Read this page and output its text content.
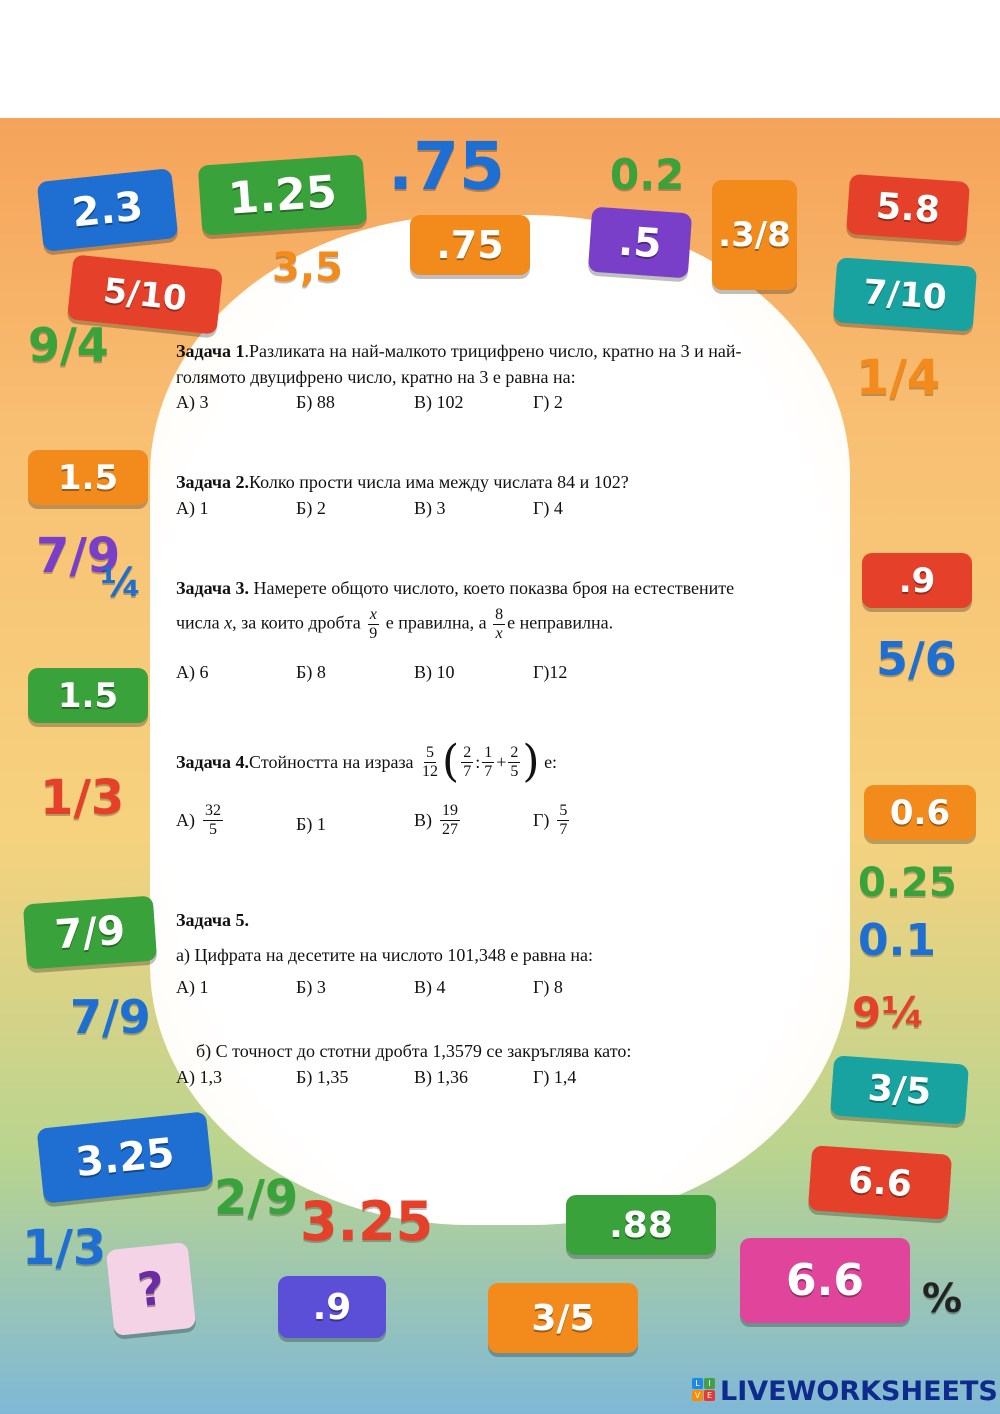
2.3	1.25
.75	.5	.3/8
5.8
5/10	7/10
1.5
1.5
.9
0.6
7/9
3/5
3.25	6.6
.88
6.6
.9	3/5
?
.75	0.2
3,5
9/4
1/4
7/9
¼
5/6
1/3
0.25
0.1
9¼
7/9
2/9 3.25
1/3
%
Задача 1.Разликата на най-малкото трицифрено число, кратно на 3 и най-
голямото двуцифрено число, кратно на 3 е равна на:
А) 3	Б) 88	В) 102	Г) 2
Задача 2.Колко прости числа има между числата 84 и 102?
А) 1	Б) 2	В) 3	Г) 4
Задача 3. Намерете общото числото, което показва броя на естествените
числа x, за които дробта $\frac{x}{9}$ е правилна, а $\frac{8}{x}$ е неправилна.
А) 6	Б) 8	В) 10	Г)12
Задача 4. Стойността на израза $\frac{5}{12}$ ( $\frac{2}{7}$ : $\frac{1}{7} + \frac{2}{5}$ ) е:
$А) \frac{32}{5}$	Б) 1	$В) \frac{19}{27}$	$Г) \frac{5}{7}$
Задача 5.
а) Цифрата на десетите на числото 101,348 е равна на:
А) 1	Б) 3	В) 4	Г) 8
б) С точност до стотни дробта 1,3579 се закръглява като:
А) 1,3	Б) 1,35	В) 1,36	Г) 1,4
L	I
V E LIVEWORKSHEETS
